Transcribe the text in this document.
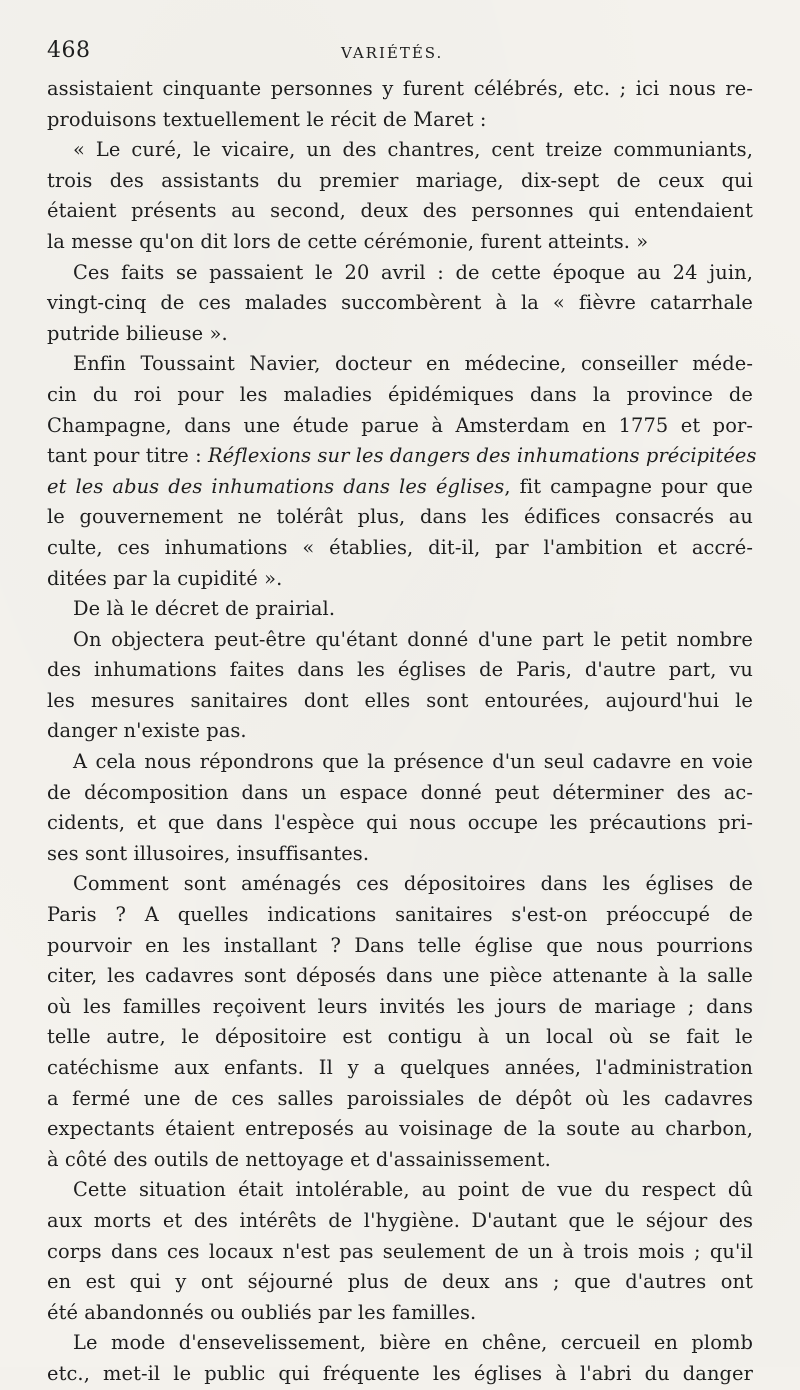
468	VARIÉTÉS.
assistaient cinquante personnes y furent célébrés, etc. ; ici nous re-
produisons textuellement le récit de Maret :
« Le curé, le vicaire, un des chantres, cent treize communiants,
trois des assistants du premier mariage, dix-sept de ceux qui
étaient présents au second, deux des personnes qui entendaient
la messe qu'on dit lors de cette cérémonie, furent atteints. »
Ces faits se passaient le 20 avril : de cette époque au 24 juin,
vingt-cinq de ces malades succombèrent à la « fièvre catarrhale
putride bilieuse ».
Enfin Toussaint Navier, docteur en médecine, conseiller méde-
cin du roi pour les maladies épidémiques dans la province de
Champagne, dans une étude parue à Amsterdam en 1775 et por-
tant pour titre : Réflexions sur les dangers des inhumations précipitées
et les abus des inhumations dans les églises, fit campagne pour que
le gouvernement ne tolérât plus, dans les édifices consacrés au
culte, ces inhumations « établies, dit-il, par l'ambition et accré-
ditées par la cupidité ».
De là le décret de prairial.
On objectera peut-être qu'étant donné d'une part le petit nombre
des inhumations faites dans les églises de Paris, d'autre part, vu
les mesures sanitaires dont elles sont entourées, aujourd'hui le
danger n'existe pas.
A cela nous répondrons que la présence d'un seul cadavre en voie
de décomposition dans un espace donné peut déterminer des ac-
cidents, et que dans l'espèce qui nous occupe les précautions pri-
ses sont illusoires, insuffisantes.
Comment sont aménagés ces dépositoires dans les églises de
Paris ? A quelles indications sanitaires s'est-on préoccupé de
pourvoir en les installant ? Dans telle église que nous pourrions
citer, les cadavres sont déposés dans une pièce attenante à la salle
où les familles reçoivent leurs invités les jours de mariage ; dans
telle autre, le dépositoire est contigu à un local où se fait le
catéchisme aux enfants. Il y a quelques années, l'administration
a fermé une de ces salles paroissiales de dépôt où les cadavres
expectants étaient entreposés au voisinage de la soute au charbon,
à côté des outils de nettoyage et d'assainissement.
Cette situation était intolérable, au point de vue du respect dû
aux morts et des intérêts de l'hygiène. D'autant que le séjour des
corps dans ces locaux n'est pas seulement de un à trois mois ; qu'il
en est qui y ont séjourné plus de deux ans ; que d'autres ont
été abandonnés ou oubliés par les familles.
Le mode d'ensevelissement, bière en chêne, cercueil en plomb
etc., met-il le public qui fréquente les églises à l'abri du danger
